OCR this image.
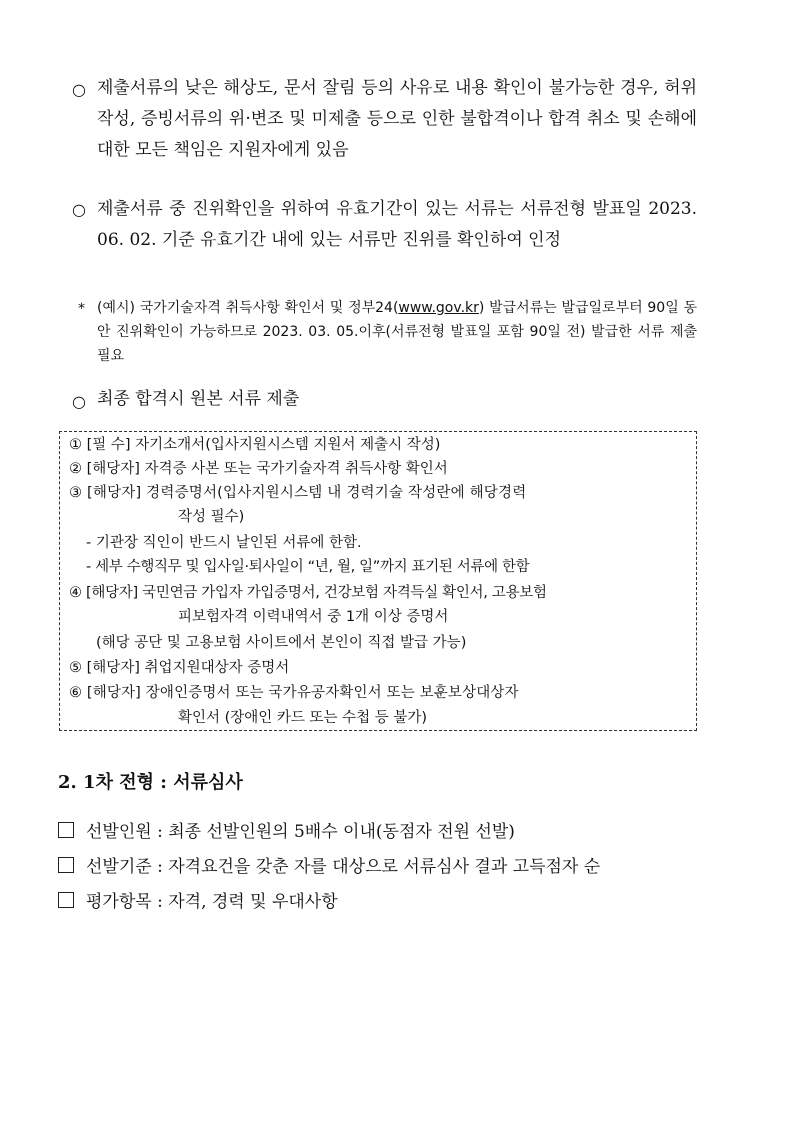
○ 제출서류의 낮은 해상도, 문서 잘림 등의 사유로 내용 확인이 불가능한 경우, 허위 작성, 증빙서류의 위·변조 및 미제출 등으로 인한 불합격이나 합격 취소 및 손해에 대한 모든 책임은 지원자에게 있음
○ 제출서류 중 진위확인을 위하여 유효기간이 있는 서류는 서류전형 발표일 2023. 06. 02. 기준 유효기간 내에 있는 서류만 진위를 확인하여 인정
* (예시) 국가기술자격 취득사항 확인서 및 정부24(www.gov.kr) 발급서류는 발급일로부터 90일 동안 진위확인이 가능하므로 2023. 03. 05.이후(서류전형 발표일 포함 90일 전) 발급한 서류 제출 필요
○ 최종 합격시 원본 서류 제출
① [필 수] 자기소개서(입사지원시스템 지원서 제출시 작성)
② [해당자] 자격증 사본 또는 국가기술자격 취득사항 확인서
③ [해당자] 경력증명서(입사지원시스템 내 경력기술 작성란에 해당경력
작성 필수)
- 기관장 직인이 반드시 날인된 서류에 한함.
- 세부 수행직무 및 입사일·퇴사일이 “년, 월, 일”까지 표기된 서류에 한함
④ [해당자] 국민연금 가입자 가입증명서, 건강보험 자격득실 확인서, 고용보험
피보험자격 이력내역서 중 1개 이상 증명서
(해당 공단 및 고용보험 사이트에서 본인이 직접 발급 가능)
⑤ [해당자] 취업지원대상자 증명서
⑥ [해당자] 장애인증명서 또는 국가유공자확인서 또는 보훈보상대상자
확인서 (장애인 카드 또는 수첩 등 불가)
2. 1차 전형 : 서류심사
선발인원 : 최종 선발인원의 5배수 이내(동점자 전원 선발)
선발기준 : 자격요건을 갖춘 자를 대상으로 서류심사 결과 고득점자 순
평가항목 : 자격, 경력 및 우대사항
